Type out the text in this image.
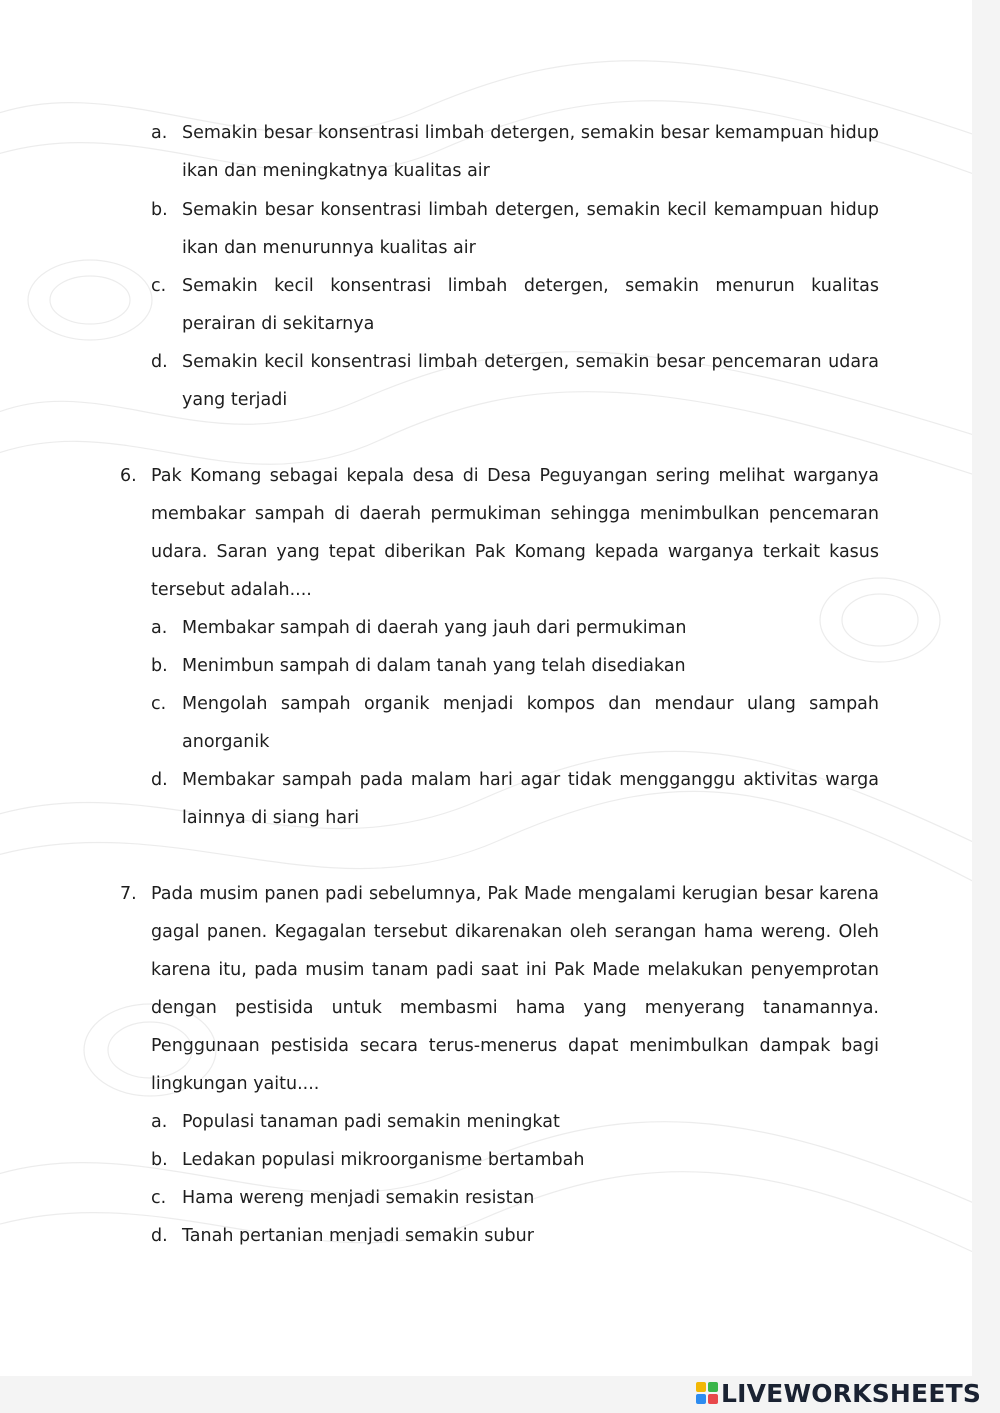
a. Semakin besar konsentrasi limbah detergen, semakin besar kemampuan hidup ikan dan meningkatnya kualitas air
b. Semakin besar konsentrasi limbah detergen, semakin kecil kemampuan hidup ikan dan menurunnya kualitas air
c. Semakin kecil konsentrasi limbah detergen, semakin menurun kualitas perairan di sekitarnya
d. Semakin kecil konsentrasi limbah detergen, semakin besar pencemaran udara yang terjadi
6. Pak Komang sebagai kepala desa di Desa Peguyangan sering melihat warganya membakar sampah di daerah permukiman sehingga menimbulkan pencemaran udara. Saran yang tepat diberikan Pak Komang kepada warganya terkait kasus tersebut adalah....

a. Membakar sampah di daerah yang jauh dari permukiman
b. Menimbun sampah di dalam tanah yang telah disediakan
c. Mengolah sampah organik menjadi kompos dan mendaur ulang sampah anorganik
d. Membakar sampah pada malam hari agar tidak mengganggu aktivitas warga lainnya di siang hari
7. Pada musim panen padi sebelumnya, Pak Made mengalami kerugian besar karena gagal panen. Kegagalan tersebut dikarenakan oleh serangan hama wereng. Oleh karena itu, pada musim tanam padi saat ini Pak Made melakukan penyemprotan dengan pestisida untuk membasmi hama yang menyerang tanamannya. Penggunaan pestisida secara terus-menerus dapat menimbulkan dampak bagi lingkungan yaitu....

a. Populasi tanaman padi semakin meningkat
b. Ledakan populasi mikroorganisme bertambah
c. Hama wereng menjadi semakin resistan
d. Tanah pertanian menjadi semakin subur
LIVEWORKSHEETS
